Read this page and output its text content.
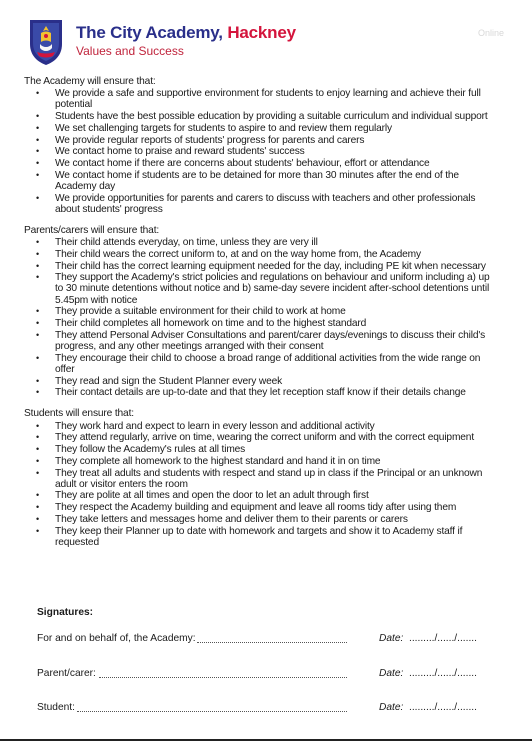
The City Academy, Hackney
Values and Success
Online
The Academy will ensure that:
• We provide a safe and supportive environment for students to enjoy learning and achieve their full potential
• Students have the best possible education by providing a suitable curriculum and individual support
• We set challenging targets for students to aspire to and review them regularly
• We provide regular reports of students' progress for parents and carers
• We contact home to praise and reward students' success
• We contact home if there are concerns about students' behaviour, effort or attendance
• We contact home if students are to be detained for more than 30 minutes after the end of the Academy day
• We provide opportunities for parents and carers to discuss with teachers and other professionals about students' progress
Parents/carers will ensure that:
• Their child attends everyday, on time, unless they are very ill
• Their child wears the correct uniform to, at and on the way home from, the Academy
• Their child has the correct learning equipment needed for the day, including PE kit when necessary
• They support the Academy's strict policies and regulations on behaviour and uniform including a) up to 30 minute detentions without notice and b) same-day severe incident after-school detentions until 5.45pm with notice
• They provide a suitable environment for their child to work at home
• Their child completes all homework on time and to the highest standard
• They attend Personal Adviser Consultations and parent/carer days/evenings to discuss their child's progress, and any other meetings arranged with their consent
• They encourage their child to choose a broad range of additional activities from the wide range on offer
• They read and sign the Student Planner every week
• Their contact details are up-to-date and that they let reception staff know if their details change
Students will ensure that:
• They work hard and expect to learn in every lesson and additional activity
• They attend regularly, arrive on time, wearing the correct uniform and with the correct equipment
• They follow the Academy's rules at all times
• They complete all homework to the highest standard and hand it in on time
• They treat all adults and students with respect and stand up in class if the Principal or an unknown adult or visitor enters the room
• They are polite at all times and open the door to let an adult through first
• They respect the Academy building and equipment and leave all rooms tidy after using them
• They take letters and messages home and deliver them to their parents or carers
• They keep their Planner up to date with homework and targets and show it to Academy staff if requested
Signatures:
For and on behalf of, the Academy:	Date: ........./....../.......
Parent/carer:	Date: ........./....../.......
Student:	Date: ........./....../.......
